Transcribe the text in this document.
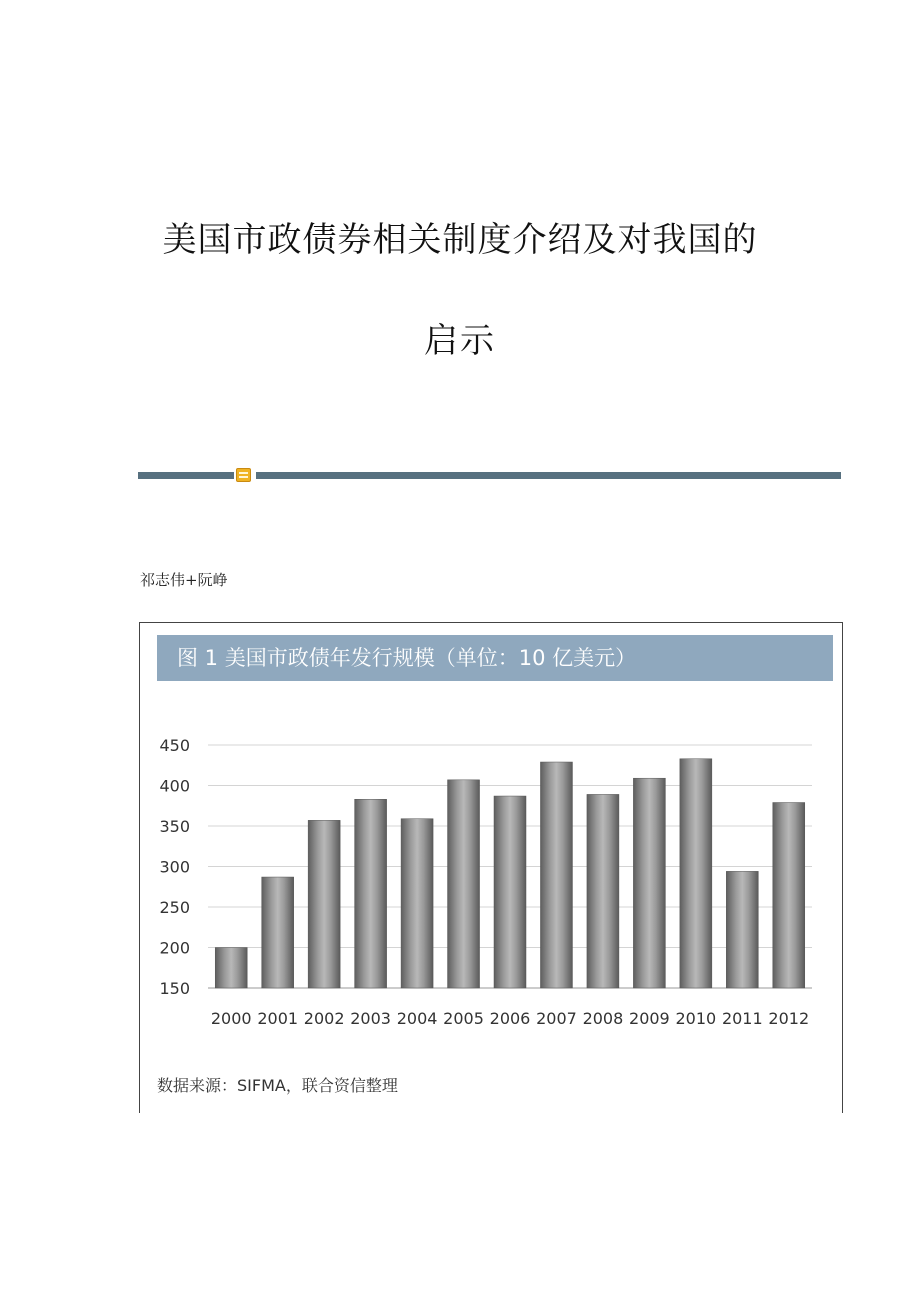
美国市政债券相关制度介绍及对我国的
启示
祁志伟+阮峥
图 1 美国市政债年发行规模（单位：10 亿美元）
150
200
250
300
350
400
450
2000 2001 2002 2003 2004 2005 2006 2007 2008 2009 2010 2011 2012
数据来源：SIFMA，联合资信整理
